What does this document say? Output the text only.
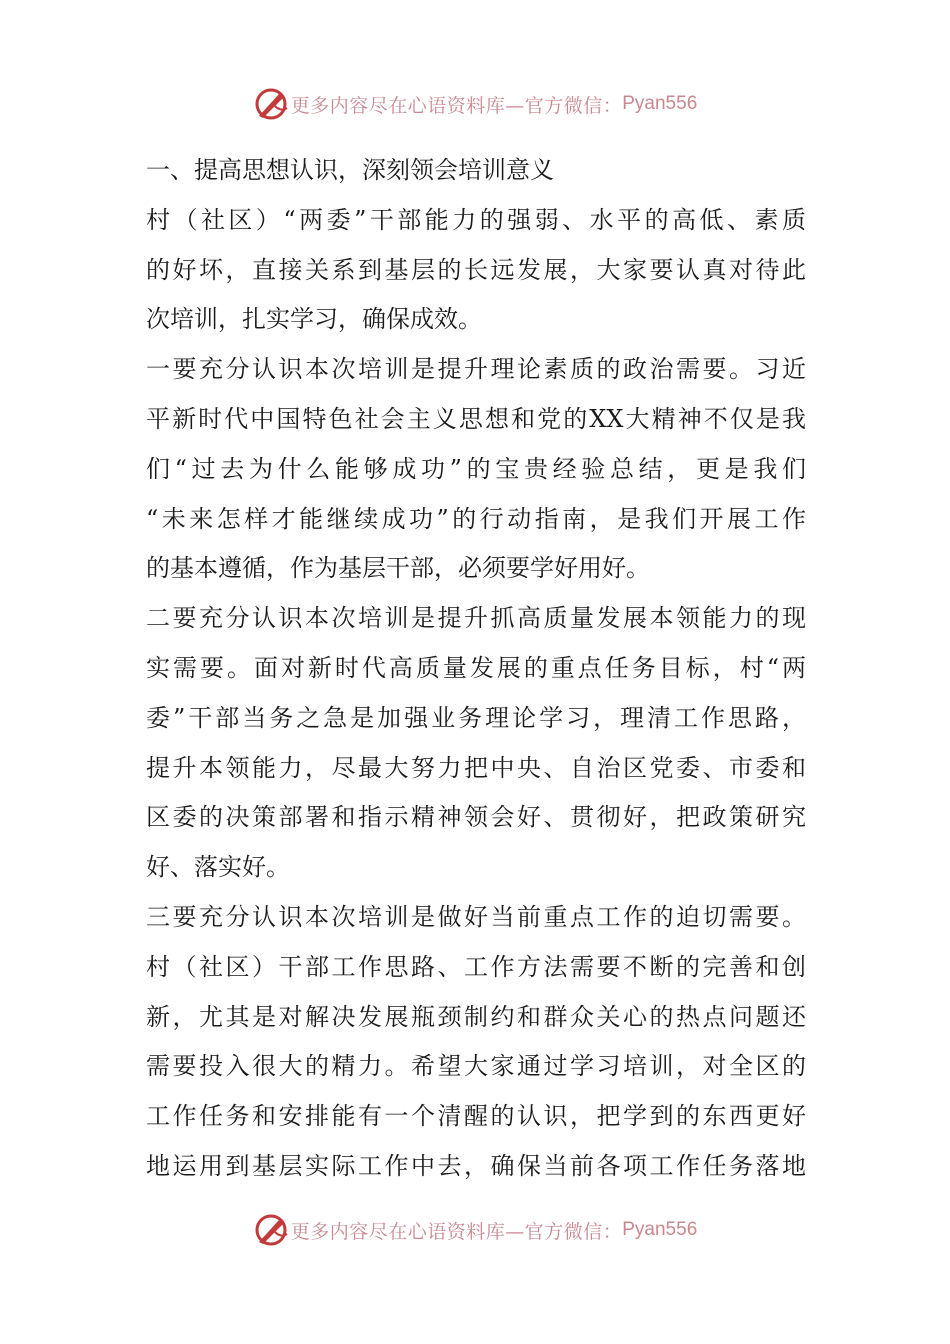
更多内容尽在心语资料库—官方微信： Pyan556
一、提高思想认识，深刻领会培训意义
村（社区）“两委”干部能力的强弱、水平的高低、素质
的好坏，直接关系到基层的长远发展，大家要认真对待此
次培训，扎实学习，确保成效。
一要充分认识本次培训是提升理论素质的政治需要。习近
平新时代中国特色社会主义思想和党的XX大精神不仅是我
们“过去为什么能够成功”的宝贵经验总结，更是我们
“未来怎样才能继续成功”的行动指南，是我们开展工作
的基本遵循，作为基层干部，必须要学好用好。
二要充分认识本次培训是提升抓高质量发展本领能力的现
实需要。面对新时代高质量发展的重点任务目标，村“两
委”干部当务之急是加强业务理论学习，理清工作思路，
提升本领能力，尽最大努力把中央、自治区党委、市委和
区委的决策部署和指示精神领会好、贯彻好，把政策研究
好、落实好。
三要充分认识本次培训是做好当前重点工作的迫切需要。
村（社区）干部工作思路、工作方法需要不断的完善和创
新，尤其是对解决发展瓶颈制约和群众关心的热点问题还
需要投入很大的精力。希望大家通过学习培训，对全区的
工作任务和安排能有一个清醒的认识，把学到的东西更好
地运用到基层实际工作中去，确保当前各项工作任务落地
更多内容尽在心语资料库—官方微信： Pyan556
